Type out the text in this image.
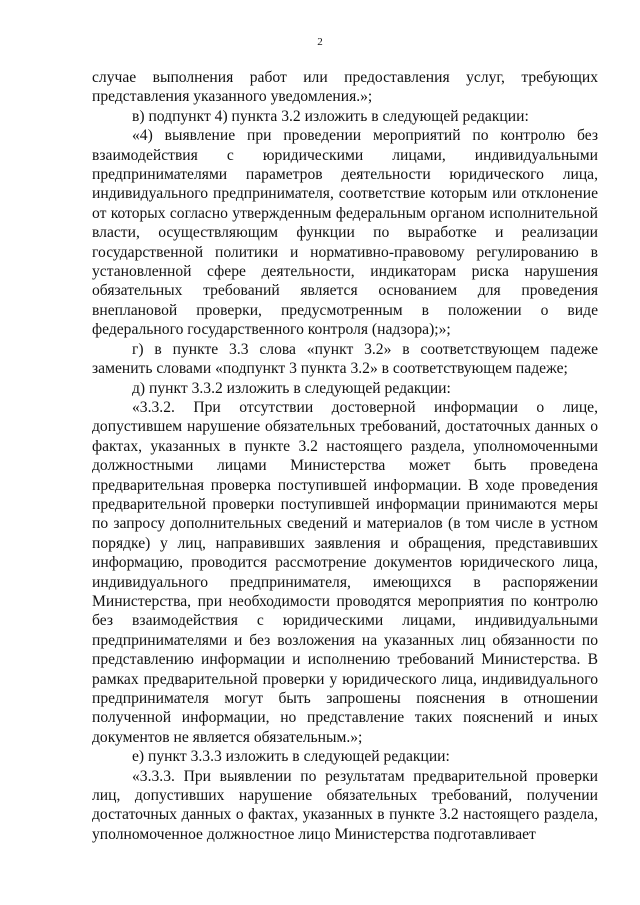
2

случае выполнения работ или предоставления услуг, требующих представления указанного уведомления.»;

в) подпункт 4) пункта 3.2 изложить в следующей редакции:

«4) выявление при проведении мероприятий по контролю без взаимодействия с юридическими лицами, индивидуальными предпринимателями параметров деятельности юридического лица, индивидуального предпринимателя, соответствие которым или отклонение от которых согласно утвержденным федеральным органом исполнительной власти, осуществляющим функции по выработке и реализации государственной политики и нормативно-правовому регулированию в установленной сфере деятельности, индикаторам риска нарушения обязательных требований является основанием для проведения внеплановой проверки, предусмотренным в положении о виде федерального государственного контроля (надзора);»;

г) в пункте 3.3 слова «пункт 3.2» в соответствующем падеже заменить словами «подпункт 3 пункта 3.2» в соответствующем падеже;

д) пункт 3.3.2 изложить в следующей редакции:

«3.3.2. При отсутствии достоверной информации о лице, допустившем нарушение обязательных требований, достаточных данных о фактах, указанных в пункте 3.2 настоящего раздела, уполномоченными должностными лицами Министерства может быть проведена предварительная проверка поступившей информации. В ходе проведения предварительной проверки поступившей информации принимаются меры по запросу дополнительных сведений и материалов (в том числе в устном порядке) у лиц, направивших заявления и обращения, представивших информацию, проводится рассмотрение документов юридического лица, индивидуального предпринимателя, имеющихся в распоряжении Министерства, при необходимости проводятся мероприятия по контролю без взаимодействия с юридическими лицами, индивидуальными предпринимателями и без возложения на указанных лиц обязанности по представлению информации и исполнению требований Министерства. В рамках предварительной проверки у юридического лица, индивидуального предпринимателя могут быть запрошены пояснения в отношении полученной информации, но представление таких пояснений и иных документов не является обязательным.»;

е) пункт 3.3.3 изложить в следующей редакции:

«3.3.3. При выявлении по результатам предварительной проверки лиц, допустивших нарушение обязательных требований, получении достаточных данных о фактах, указанных в пункте 3.2 настоящего раздела, уполномоченное должностное лицо Министерства подготавливает
